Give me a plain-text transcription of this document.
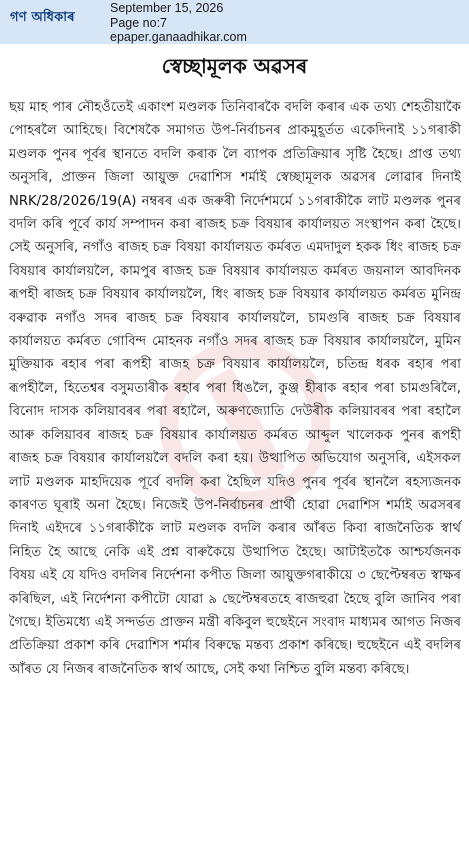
গণ অধিকাৰ
September 15, 2026
Page no:7
epaper.ganaadhikar.com
স্বেচ্ছামূলক অৱসৰ
ছয় মাহ পাৰ নৌহওঁতেই একাংশ মণ্ডলক তিনিবাৰকৈ বদলি কৰাৰ এক তথ্য শেহতীয়াকৈ পোহৰলৈ আহিছে। বিশেষকৈ সমাগত উপ-নিৰ্বাচনৰ প্ৰাকমুহূৰ্তত একেদিনাই ১১গৰাকী মণ্ডলক পুনৰ পূৰ্বৰ স্থানতে বদলি কৰাক লৈ ব্যাপক প্ৰতিক্ৰিয়াৰ সৃষ্টি হৈছে। প্ৰাপ্ত তথ্য অনুসৰি, প্ৰাক্তন জিলা আয়ুক্ত দেৱাশিস শৰ্মাই স্বেচ্ছামূলক অৱসৰ লোৱাৰ দিনাই NRK/28/2026/19(A) নম্বৰৰ এক জৰুৰী নিৰ্দেশমৰ্মে ১১গৰাকীকৈ লাট মণ্ডলক পুনৰ বদলি কৰি পূৰ্বে কাৰ্য সম্পাদন কৰা ৰাজহ চক্ৰ বিষয়াৰ কাৰ্যালয়ত সংস্থাপন কৰা হৈছে। সেই অনুসৰি, নগাঁও ৰাজহ চক্ৰ বিষয়া কাৰ্যালয়ত কৰ্মৰত এমদাদুল হকক ধিং ৰাজহ চক্ৰ বিষয়াৰ কাৰ্যালয়লৈ, কামপুৰ ৰাজহ চক্ৰ বিষয়াৰ কাৰ্যালয়ত কৰ্মৰত জয়নাল আবদিনক ৰূপহী ৰাজহ চক্ৰ বিষয়াৰ কাৰ্যালয়লৈ, ধিং ৰাজহ চক্ৰ বিষয়াৰ কাৰ্যালয়ত কৰ্মৰত মুনিন্দ্ৰ বৰুৱাক নগাঁও সদৰ ৰাজহ চক্ৰ বিষয়াৰ কাৰ্যালয়লৈ, চামগুৰি ৰাজহ চক্ৰ বিষয়াৰ কাৰ্যালয়ত কৰ্মৰত গোবিন্দ মোহনক নগাঁও সদৰ ৰাজহ চক্ৰ বিষয়াৰ কাৰ্যালয়লৈ, মুমিন মুক্তিয়াক ৰহাৰ পৰা ৰূপহী ৰাজহ চক্ৰ বিষয়াৰ কাৰ্যালয়লৈ, চতিন্দ্ৰ ধৰক ৰহাৰ পৰা ৰূপহীলৈ, হিতেশ্বৰ বসুমতাৰীক ৰহাৰ পৰা ধিঙলৈ, কুঞ্জ হীৰাক ৰহাৰ পৰা চামগুৰিলৈ, বিনোদ দাসক কলিয়াবৰৰ পৰা ৰহালৈ, অৰুণজ্যোতি দেউৰীক কলিয়াবৰৰ পৰা ৰহালৈ আৰু কলিয়াবৰ ৰাজহ চক্ৰ বিষয়াৰ কাৰ্যালয়ত কৰ্মৰত আব্দুল খালেকক পুনৰ ৰূপহী ৰাজহ চক্ৰ বিষয়াৰ কাৰ্যালয়লৈ বদলি কৰা হয়। উত্থাপিত অভিযোগ অনুসৰি, এইসকল লাট মণ্ডলক মাহদিয়েক পূৰ্বে বদলি কৰা হৈছিল যদিও পুনৰ পূৰ্বৰ স্থানলৈ ৰহস্যজনক কাৰণত ঘূৰাই অনা হৈছে। নিজেই উপ-নিৰ্বাচনৰ প্ৰাৰ্থী হোৱা দেৱাশিস শৰ্মাই অৱসৰৰ দিনাই এইদৰে ১১গৰাকীকৈ লাট মণ্ডলক বদলি কৰাৰ আঁৰত কিবা ৰাজনৈতিক স্বাৰ্থ নিহিত হৈ আছে নেকি এই প্ৰশ্ন বাৰুকৈয়ে উত্থাপিত হৈছে। আটাইতকৈ আশ্চৰ্যজনক বিষয় এই যে যদিও বদলিৰ নিৰ্দেশনা কপীত জিলা আয়ুক্তগৰাকীয়ে ৩ ছেপ্টেম্বৰত স্বাক্ষৰ কৰিছিল, এই নিৰ্দেশনা কপীটো যোৱা ৯ ছেপ্টেম্বৰতহে ৰাজহুৱা হৈছে বুলি জানিব পৰা গৈছে। ইতিমধ্যে এই সন্দৰ্ভত প্ৰাক্তন মন্ত্ৰী ৰকিবুল হুছেইনে সংবাদ মাধ্যমৰ আগত নিজৰ প্ৰতিক্ৰিয়া প্ৰকাশ কৰি দেৱাশিস শৰ্মাৰ বিৰুদ্ধে মন্তব্য প্ৰকাশ কৰিছে। হুছেইনে এই বদলিৰ আঁৰত যে নিজৰ ৰাজনৈতিক স্বাৰ্থ আছে, সেই কথা নিশ্চিত বুলি মন্তব্য কৰিছে।
